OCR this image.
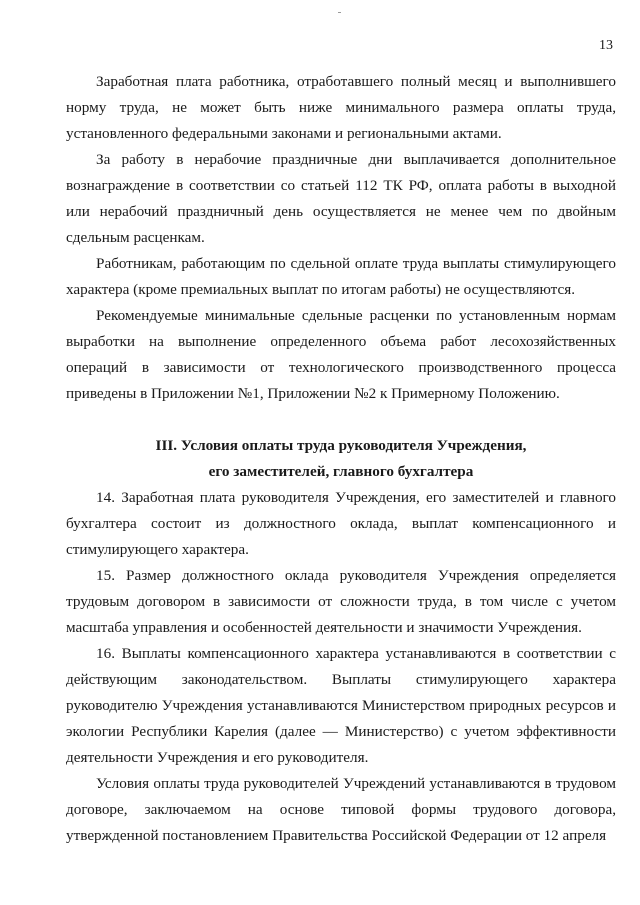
13

Заработная плата работника, отработавшего полный месяц и выполнившего норму труда, не может быть ниже минимального размера оплаты труда, установленного федеральными законами и региональными актами.

За работу в нерабочие праздничные дни выплачивается дополнительное вознаграждение в соответствии со статьей 112 ТК РФ, оплата работы в выходной или нерабочий праздничный день осуществляется не менее чем по двойным сдельным расценкам.

Работникам, работающим по сдельной оплате труда выплаты стимулирующего характера (кроме премиальных выплат по итогам работы) не осуществляются.

Рекомендуемые минимальные сдельные расценки по установленным нормам выработки на выполнение определенного объема работ лесохозяйственных операций в зависимости от технологического производственного процесса приведены в Приложении №1, Приложении №2 к Примерному Положению.

III. Условия оплаты труда руководителя Учреждения,
его заместителей, главного бухгалтера

14. Заработная плата руководителя Учреждения, его заместителей и главного бухгалтера состоит из должностного оклада, выплат компенсационного и стимулирующего характера.

15. Размер должностного оклада руководителя Учреждения определяется трудовым договором в зависимости от сложности труда, в том числе с учетом масштаба управления и особенностей деятельности и значимости Учреждения.

16. Выплаты компенсационного характера устанавливаются в соответствии с действующим законодательством. Выплаты стимулирующего характера руководителю Учреждения устанавливаются Министерством природных ресурсов и экологии Республики Карелия (далее — Министерство) с учетом эффективности деятельности Учреждения и его руководителя.

Условия оплаты труда руководителей Учреждений устанавливаются в трудовом договоре, заключаемом на основе типовой формы трудового договора, утвержденной постановлением Правительства Российской Федерации от 12 апреля
